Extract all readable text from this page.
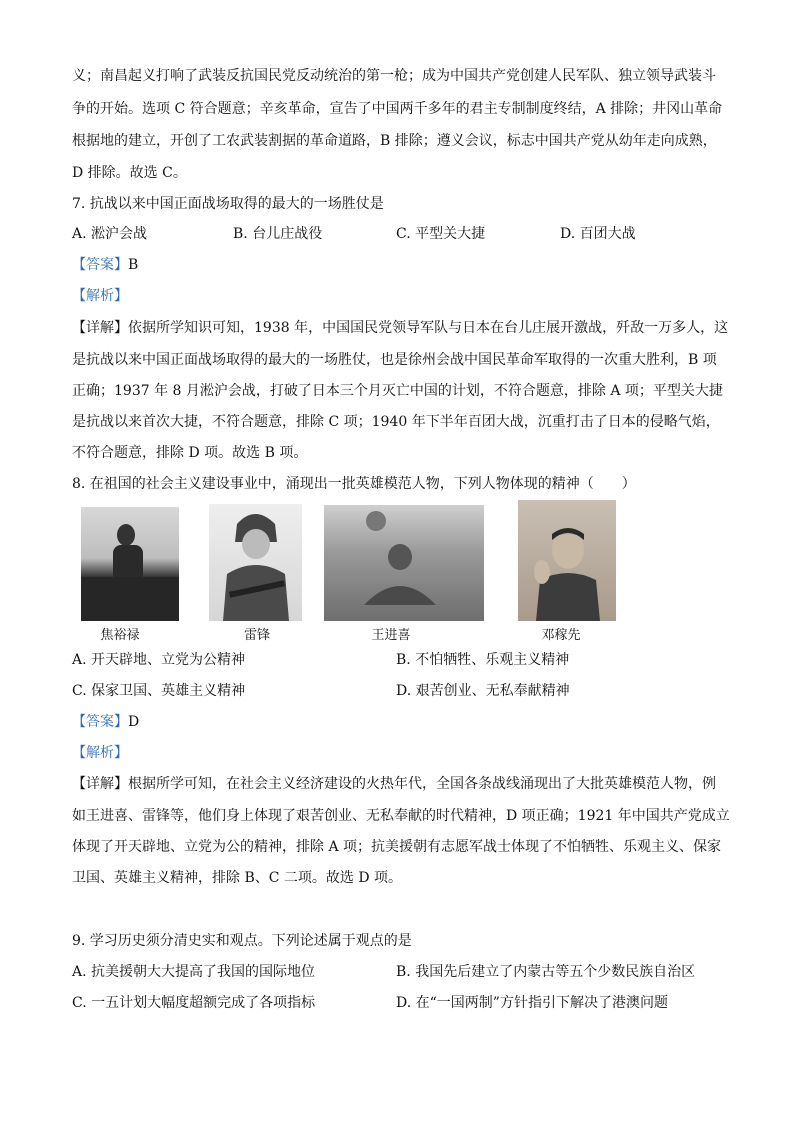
义；南昌起义打响了武装反抗国民党反动统治的第一枪；成为中国共产党创建人民军队、独立领导武装斗
争的开始。选项 C 符合题意；辛亥革命，宣告了中国两千多年的君主专制制度终结，A 排除；井冈山革命
根据地的建立，开创了工农武装割据的革命道路，B 排除；遵义会议，标志中国共产党从幼年走向成熟，
D 排除。故选 C。
7. 抗战以来中国正面战场取得的最大的一场胜仗是
A. 淞沪会战	B. 台儿庄战役	C. 平型关大捷	D. 百团大战
【答案】B
【解析】
【详解】依据所学知识可知，1938 年，中国国民党领导军队与日本在台儿庄展开激战，歼敌一万多人，这
是抗战以来中国正面战场取得的最大的一场胜仗，也是徐州会战中国民革命军取得的一次重大胜利，B 项
正确；1937 年 8 月淞沪会战，打破了日本三个月灭亡中国的计划，不符合题意，排除 A 项；平型关大捷
是抗战以来首次大捷，不符合题意，排除 C 项；1940 年下半年百团大战，沉重打击了日本的侵略气焰，
不符合题意，排除 D 项。故选 B 项。
8. 在祖国的社会主义建设事业中，涌现出一批英雄模范人物，下列人物体现的精神（　　）
焦裕禄	雷锋	王进喜	邓稼先
A. 开天辟地、立党为公精神	B. 不怕牺牲、乐观主义精神
C. 保家卫国、英雄主义精神	D. 艰苦创业、无私奉献精神
【答案】D
【解析】
【详解】根据所学可知，在社会主义经济建设的火热年代，全国各条战线涌现出了大批英雄模范人物，例
如王进喜、雷锋等，他们身上体现了艰苦创业、无私奉献的时代精神，D 项正确；1921 年中国共产党成立
体现了开天辟地、立党为公的精神，排除 A 项；抗美援朝有志愿军战士体现了不怕牺牲、乐观主义、保家
卫国、英雄主义精神，排除 B、C 二项。故选 D 项。
9. 学习历史须分清史实和观点。下列论述属于观点的是
A. 抗美援朝大大提高了我国的国际地位	B. 我国先后建立了内蒙古等五个少数民族自治区
C. 一五计划大幅度超额完成了各项指标	D. 在“一国两制”方针指引下解决了港澳问题
